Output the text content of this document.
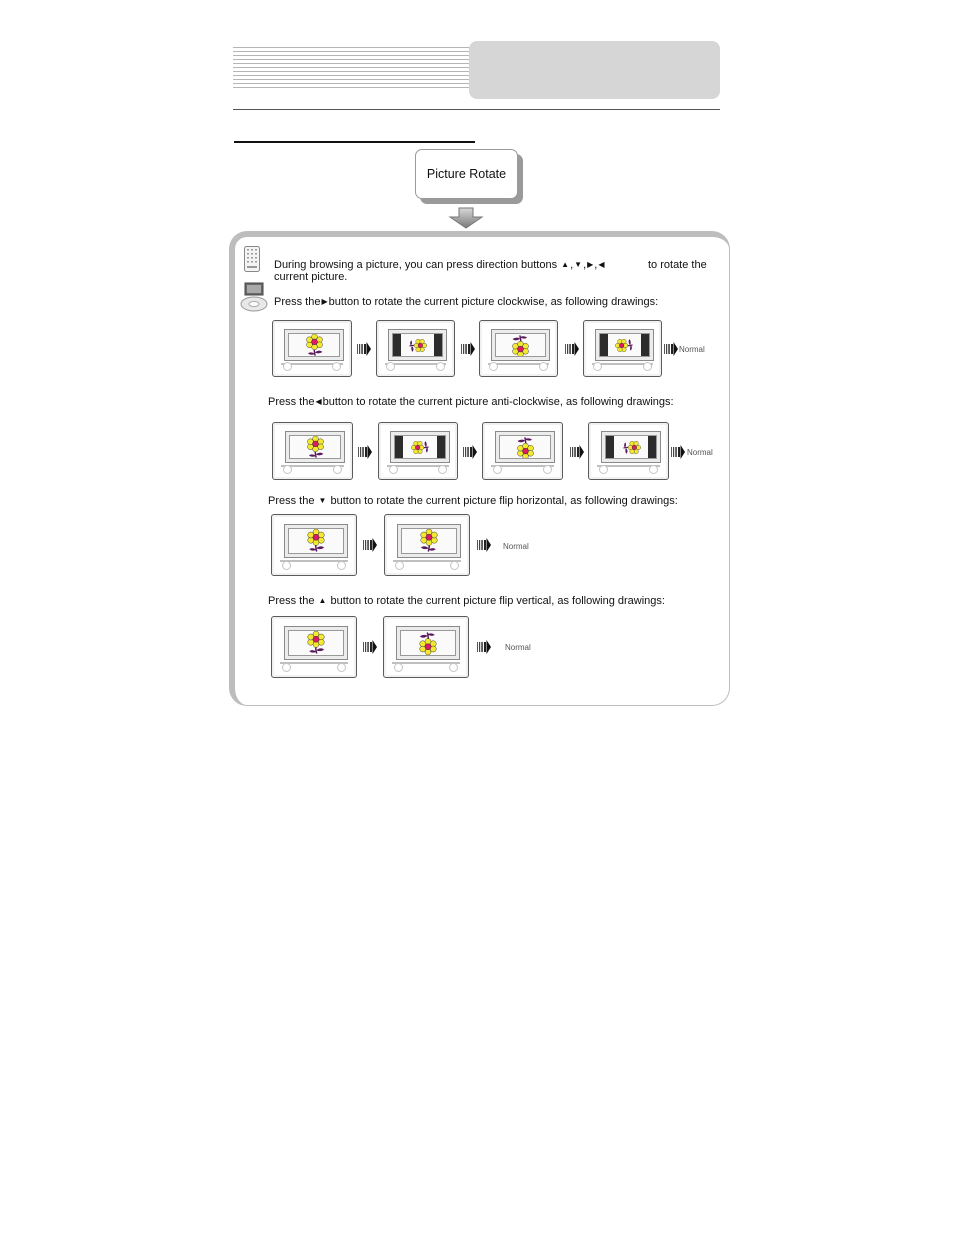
Picture Rotate
During browsing a picture, you can press direction buttons ▲,▼,▶,◀	to rotate the
current picture.
Press the▶button to rotate the current picture clockwise, as following drawings:
Press the◀button to rotate the current picture anti-clockwise, as following drawings:
Press the ▼ button to rotate the current picture flip horizontal, as following drawings:
Press the ▲ button to rotate the current picture flip vertical, as following drawings:
Normal
Normal
Normal
Normal
